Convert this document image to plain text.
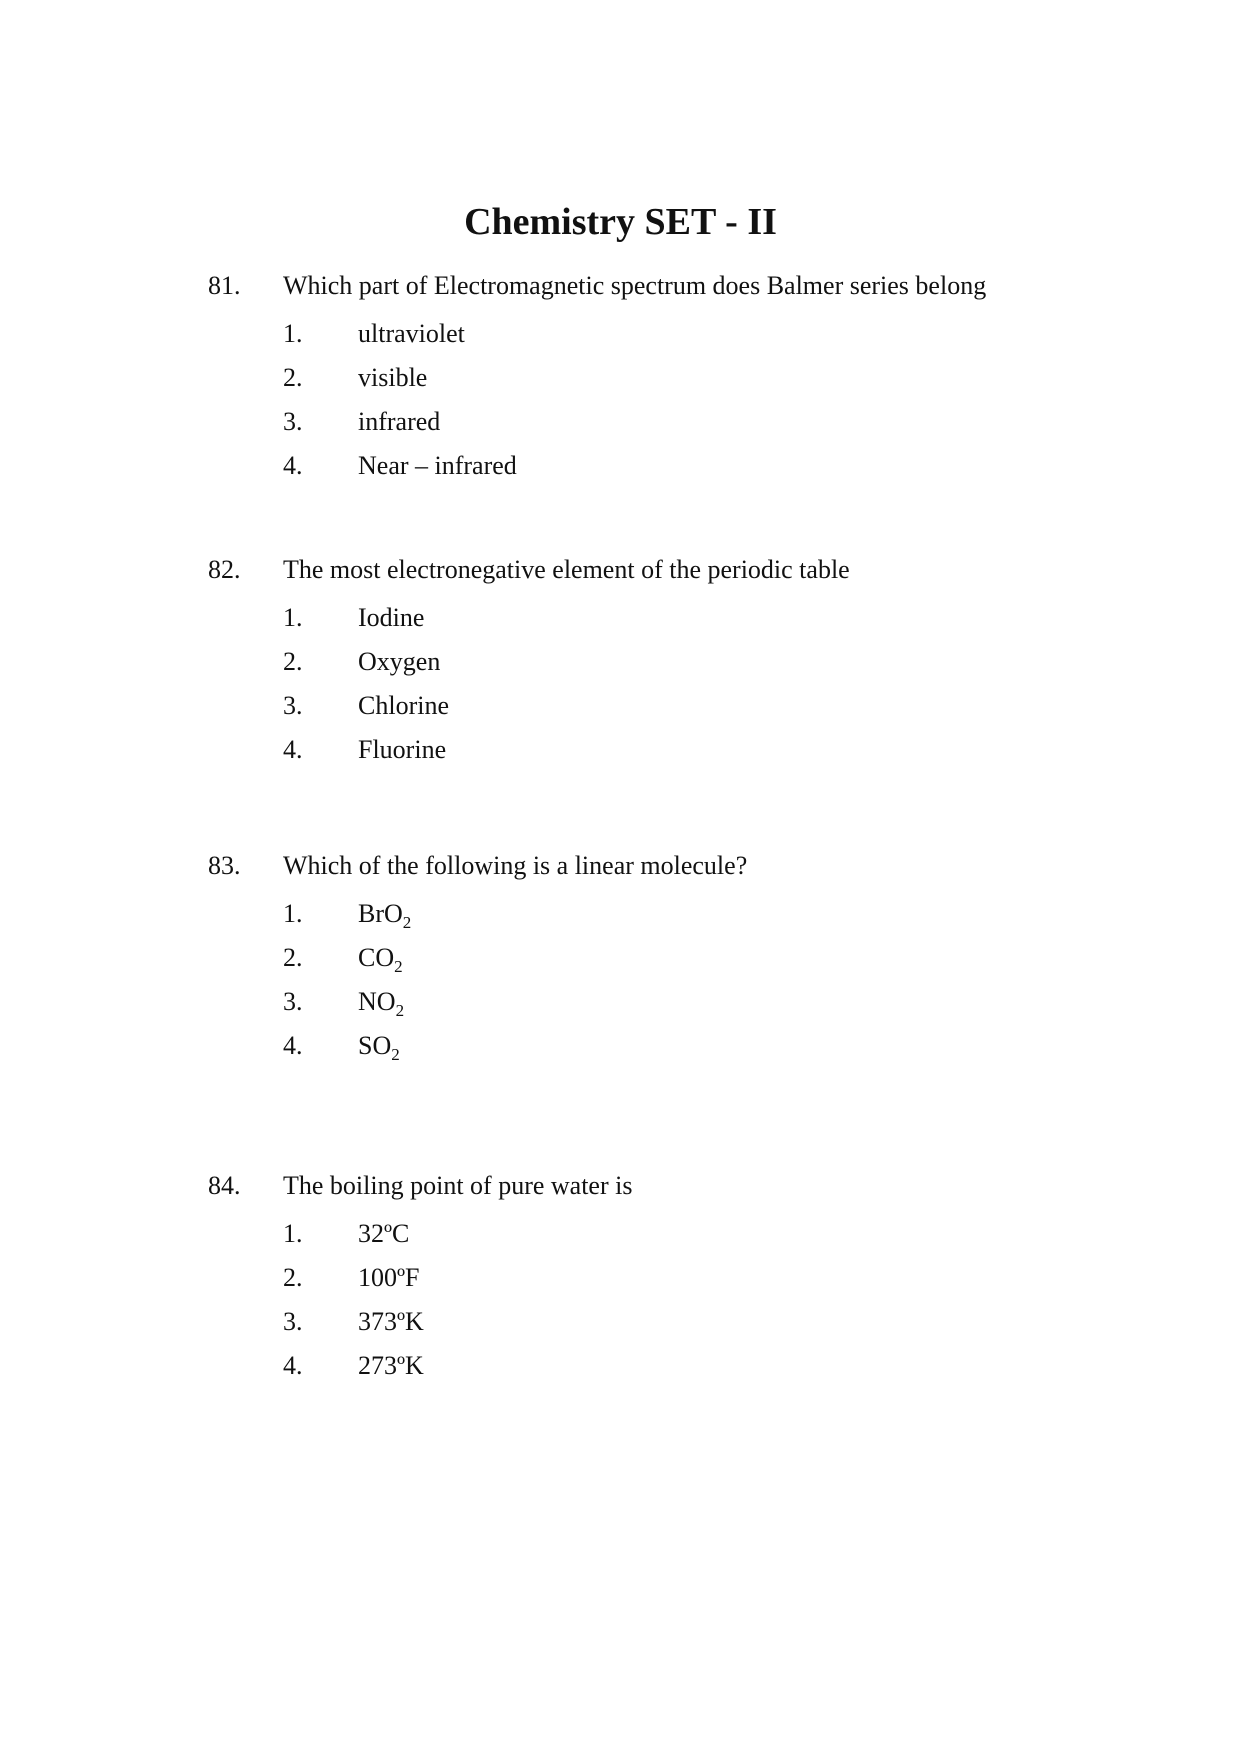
Chemistry SET - II
81. Which part of Electromagnetic spectrum does Balmer series belong
1. ultraviolet
2. visible
3. infrared
4. Near – infrared
82. The most electronegative element of the periodic table
1. Iodine
2. Oxygen
3. Chlorine
4. Fluorine
83. Which of the following is a linear molecule?
1. BrO$_2$
2. $CO_2$
3. $NO_2$
4. $SO_2$
84. The boiling point of pure water is
1. 32ºC
2. 100ºF
3. 373ºK
4. 273ºK
